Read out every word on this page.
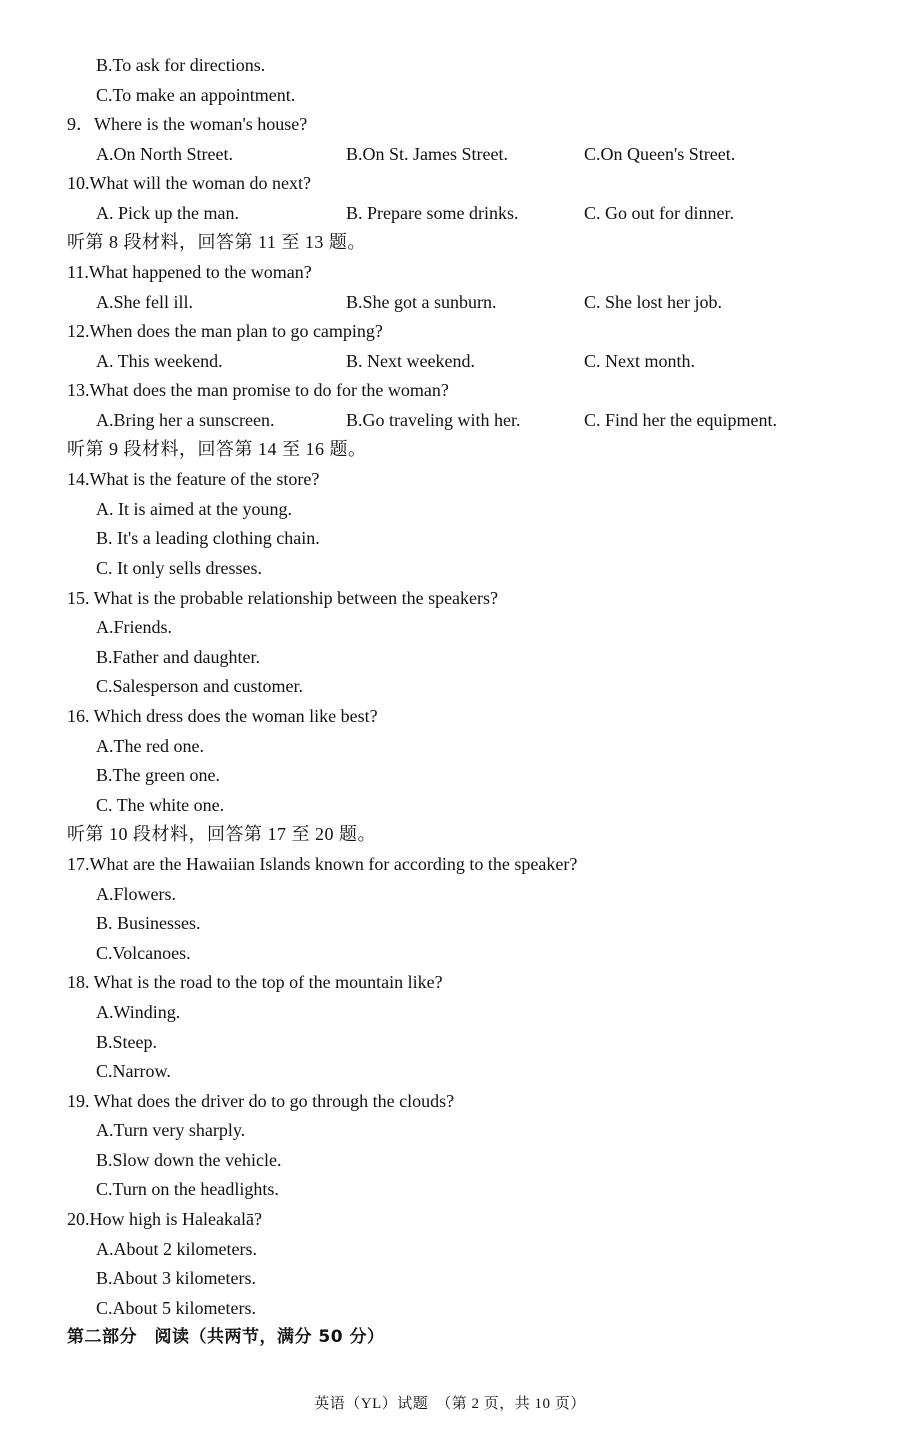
B.To ask for directions.
C.To make an appointment.
9．Where is the woman's house?
A.On North Street.	B.On St. James Street.	C.On Queen's Street.
10.What will the woman do next?
A. Pick up the man.	B. Prepare some drinks.	C. Go out for dinner.
听第 8 段材料，回答第 11 至 13 题。
11.What happened to the woman?
A.She fell ill.	B.She got a sunburn.	C. She lost her job.
12.When does the man plan to go camping?
A. This weekend.	B. Next weekend.	C. Next month.
13.What does the man promise to do for the woman?
A.Bring her a sunscreen.	B.Go traveling with her.	C. Find her the equipment.
听第 9 段材料，回答第 14 至 16 题。
14.What is the feature of the store?
A. It is aimed at the young.
B. It's a leading clothing chain.
C. It only sells dresses.
15. What is the probable relationship between the speakers?
A.Friends.
B.Father and daughter.
C.Salesperson and customer.
16. Which dress does the woman like best?
A.The red one.
B.The green one.
C. The white one.
听第 10 段材料，回答第 17 至 20 题。
17.What are the Hawaiian Islands known for according to the speaker?
A.Flowers.
B. Businesses.
C.Volcanoes.
18. What is the road to the top of the mountain like?
A.Winding.
B.Steep.
C.Narrow.
19. What does the driver do to go through the clouds?
A.Turn very sharply.
B.Slow down the vehicle.
C.Turn on the headlights.
20.How high is Haleakalā?
A.About 2 kilometers.
B.About 3 kilometers.
C.About 5 kilometers.
第二部分　阅读（共两节，满分 50 分）
英语（YL）试题　（第 2 页，共 10 页）
